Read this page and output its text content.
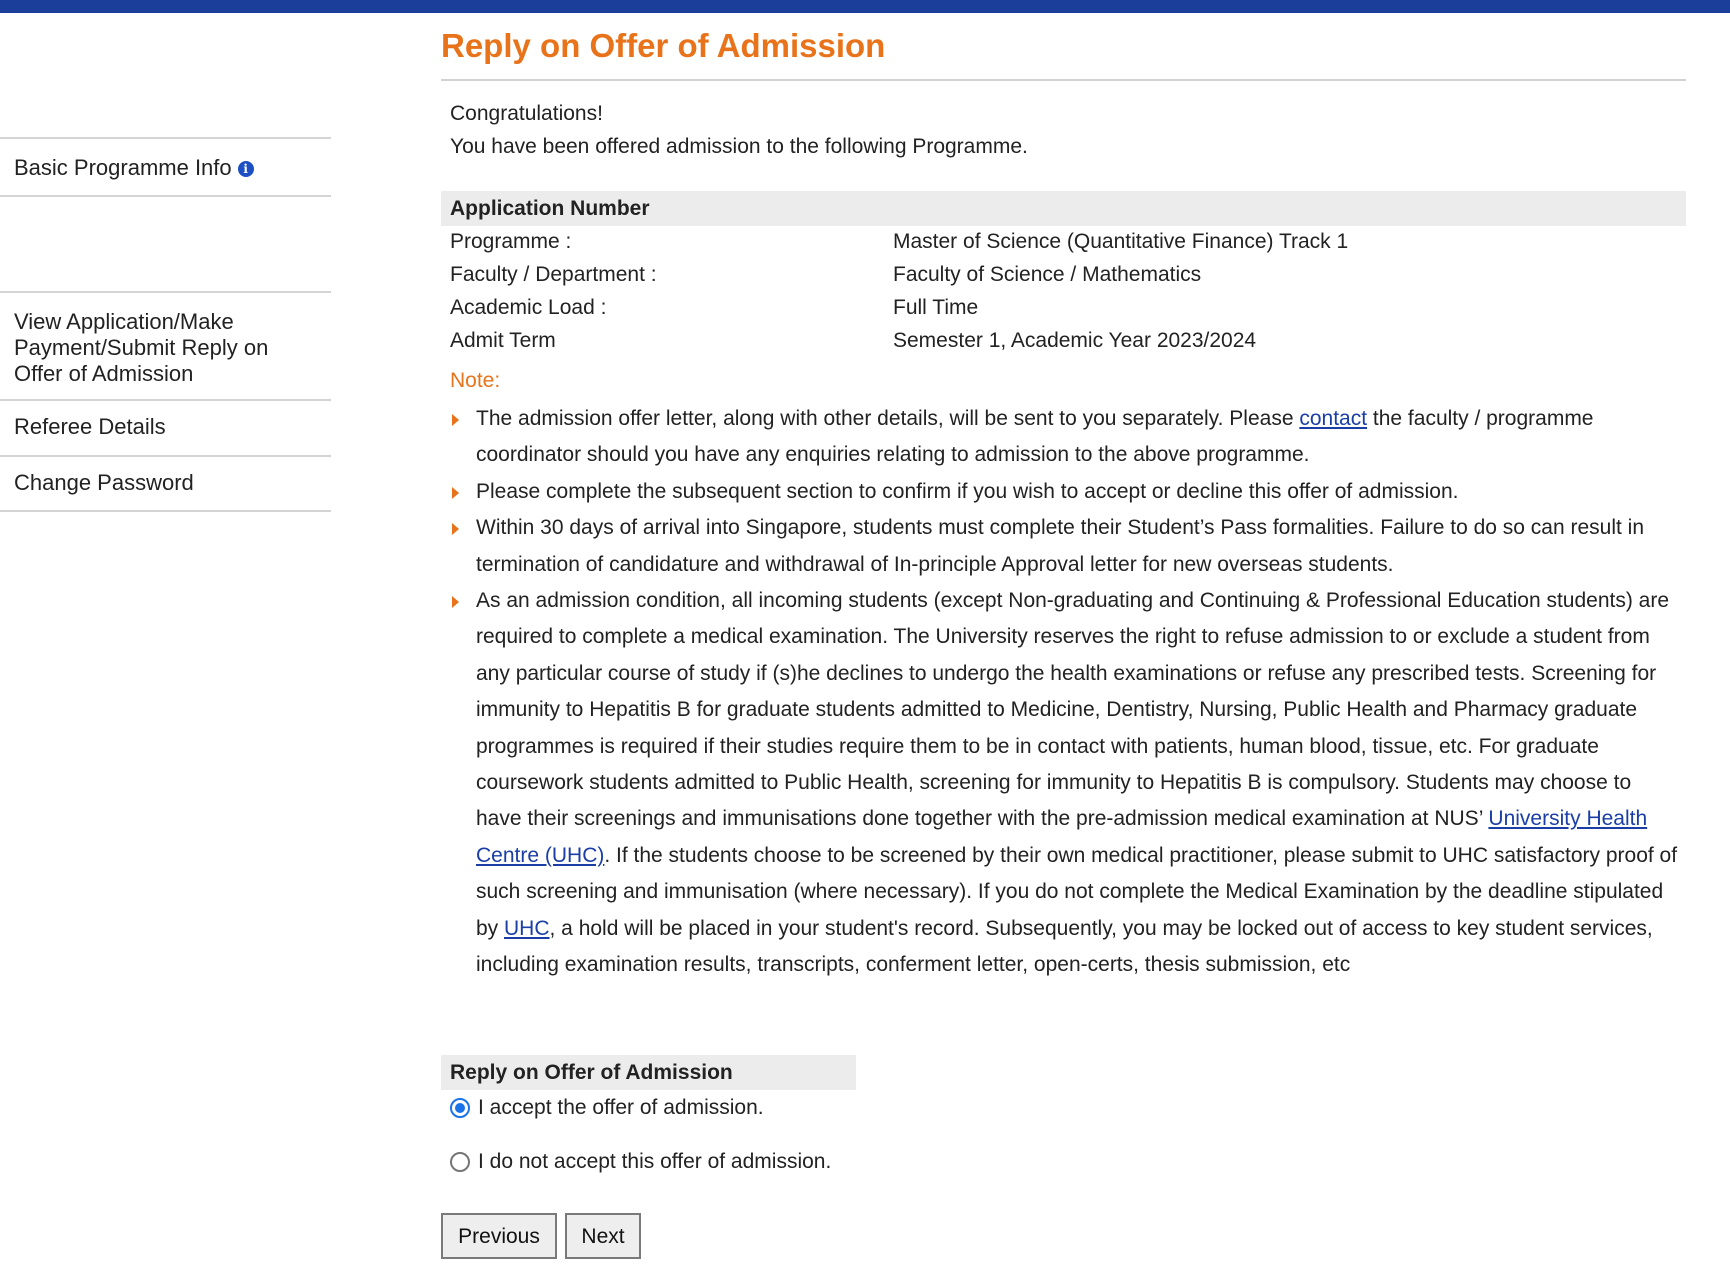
Basic Programme Info i
View Application/Make Payment/Submit Reply on Offer of Admission
Referee Details
Change Password
Reply on Offer of Admission
Congratulations!
You have been offered admission to the following Programme.
Application Number
Programme :	Master of Science (Quantitative Finance) Track 1
Faculty / Department :	Faculty of Science / Mathematics
Academic Load :	Full Time
Admit Term	Semester 1, Academic Year 2023/2024
Note:
The admission offer letter, along with other details, will be sent to you separately. Please contact the faculty / programme coordinator should you have any enquiries relating to admission to the above programme.
Please complete the subsequent section to confirm if you wish to accept or decline this offer of admission.
Within 30 days of arrival into Singapore, students must complete their Student’s Pass formalities. Failure to do so can result in termination of candidature and withdrawal of In-principle Approval letter for new overseas students.
As an admission condition, all incoming students (except Non-graduating and Continuing & Professional Education students) are required to complete a medical examination. The University reserves the right to refuse admission to or exclude a student from any particular course of study if (s)he declines to undergo the health examinations or refuse any prescribed tests. Screening for immunity to Hepatitis B for graduate students admitted to Medicine, Dentistry, Nursing, Public Health and Pharmacy graduate programmes is required if their studies require them to be in contact with patients, human blood, tissue, etc. For graduate coursework students admitted to Public Health, screening for immunity to Hepatitis B is compulsory. Students may choose to have their screenings and immunisations done together with the pre-admission medical examination at NUS’ University Health Centre (UHC). If the students choose to be screened by their own medical practitioner, please submit to UHC satisfactory proof of such screening and immunisation (where necessary). If you do not complete the Medical Examination by the deadline stipulated by UHC, a hold will be placed in your student's record. Subsequently, you may be locked out of access to key student services, including examination results, transcripts, conferment letter, open-certs, thesis submission, etc
Reply on Offer of Admission
I accept the offer of admission.
I do not accept this offer of admission.
Previous	Next
